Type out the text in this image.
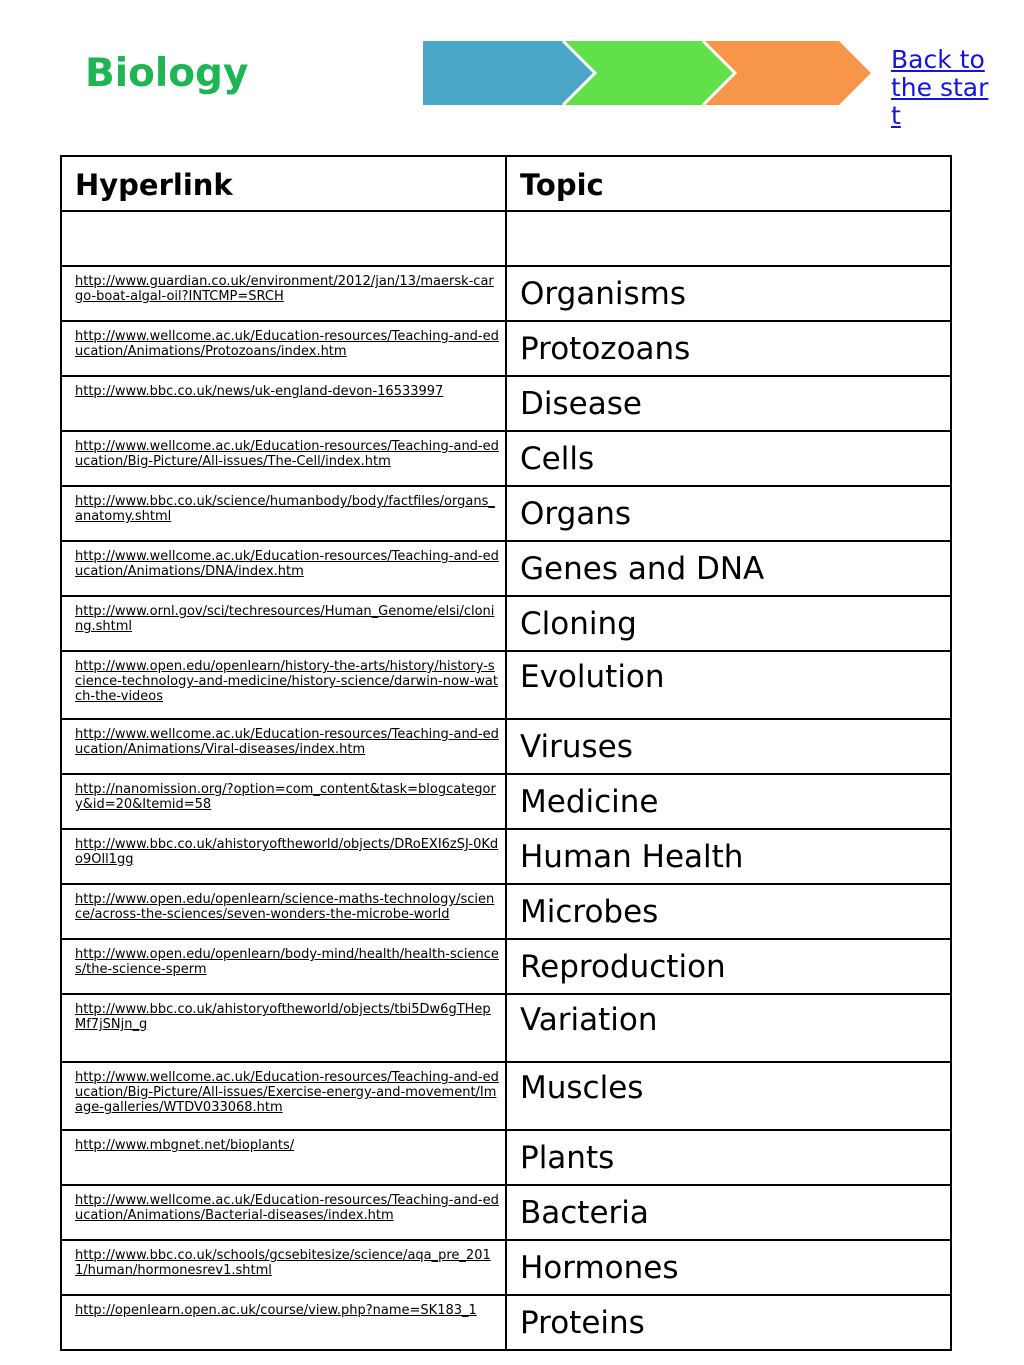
Biology	Back to the start
Hyperlink	Topic

http://www.guardian.co.uk/environment/2012/jan/13/maersk-cargo-boat-algal-oil?INTCMP=SRCH	Organisms

http://www.wellcome.ac.uk/Education-resources/Teaching-and-education/Animations/Protozoans/index.htm	Protozoans

http://www.bbc.co.uk/news/uk-england-devon-16533997	Disease

http://www.wellcome.ac.uk/Education-resources/Teaching-and-education/Big-Picture/All-issues/The-Cell/index.htm	Cells

http://www.bbc.co.uk/science/humanbody/body/factfiles/organs_anatomy.shtml	Organs

http://www.wellcome.ac.uk/Education-resources/Teaching-and-education/Animations/DNA/index.htm	Genes and DNA

http://www.ornl.gov/sci/techresources/Human_Genome/elsi/cloning.shtml	Cloning

http://www.open.edu/openlearn/history-the-arts/history/history-science-technology-and-medicine/history-science/darwin-now-watch-the-videos	Evolution

http://www.wellcome.ac.uk/Education-resources/Teaching-and-education/Animations/Viral-diseases/index.htm	Viruses

http://nanomission.org/?option=com_content&task=blogcategory&id=20&Itemid=58	Medicine

http://www.bbc.co.uk/ahistoryoftheworld/objects/DRoEXI6zSJ-0Kdo9Oll1gg	Human Health

http://www.open.edu/openlearn/science-maths-technology/science/across-the-sciences/seven-wonders-the-microbe-world	Microbes

http://www.open.edu/openlearn/body-mind/health/health-sciences/the-science-sperm	Reproduction

http://www.bbc.co.uk/ahistoryoftheworld/objects/tbi5Dw6gTHepMf7jSNjn_g	Variation

http://www.wellcome.ac.uk/Education-resources/Teaching-and-education/Big-Picture/All-issues/Exercise-energy-and-movement/Image-galleries/WTDV033068.htm	Muscles

http://www.mbgnet.net/bioplants/	Plants

http://www.wellcome.ac.uk/Education-resources/Teaching-and-education/Animations/Bacterial-diseases/index.htm	Bacteria

http://www.bbc.co.uk/schools/gcsebitesize/science/aqa_pre_2011/human/hormonesrev1.shtml	Hormones

http://openlearn.open.ac.uk/course/view.php?name=SK183_1	Proteins
